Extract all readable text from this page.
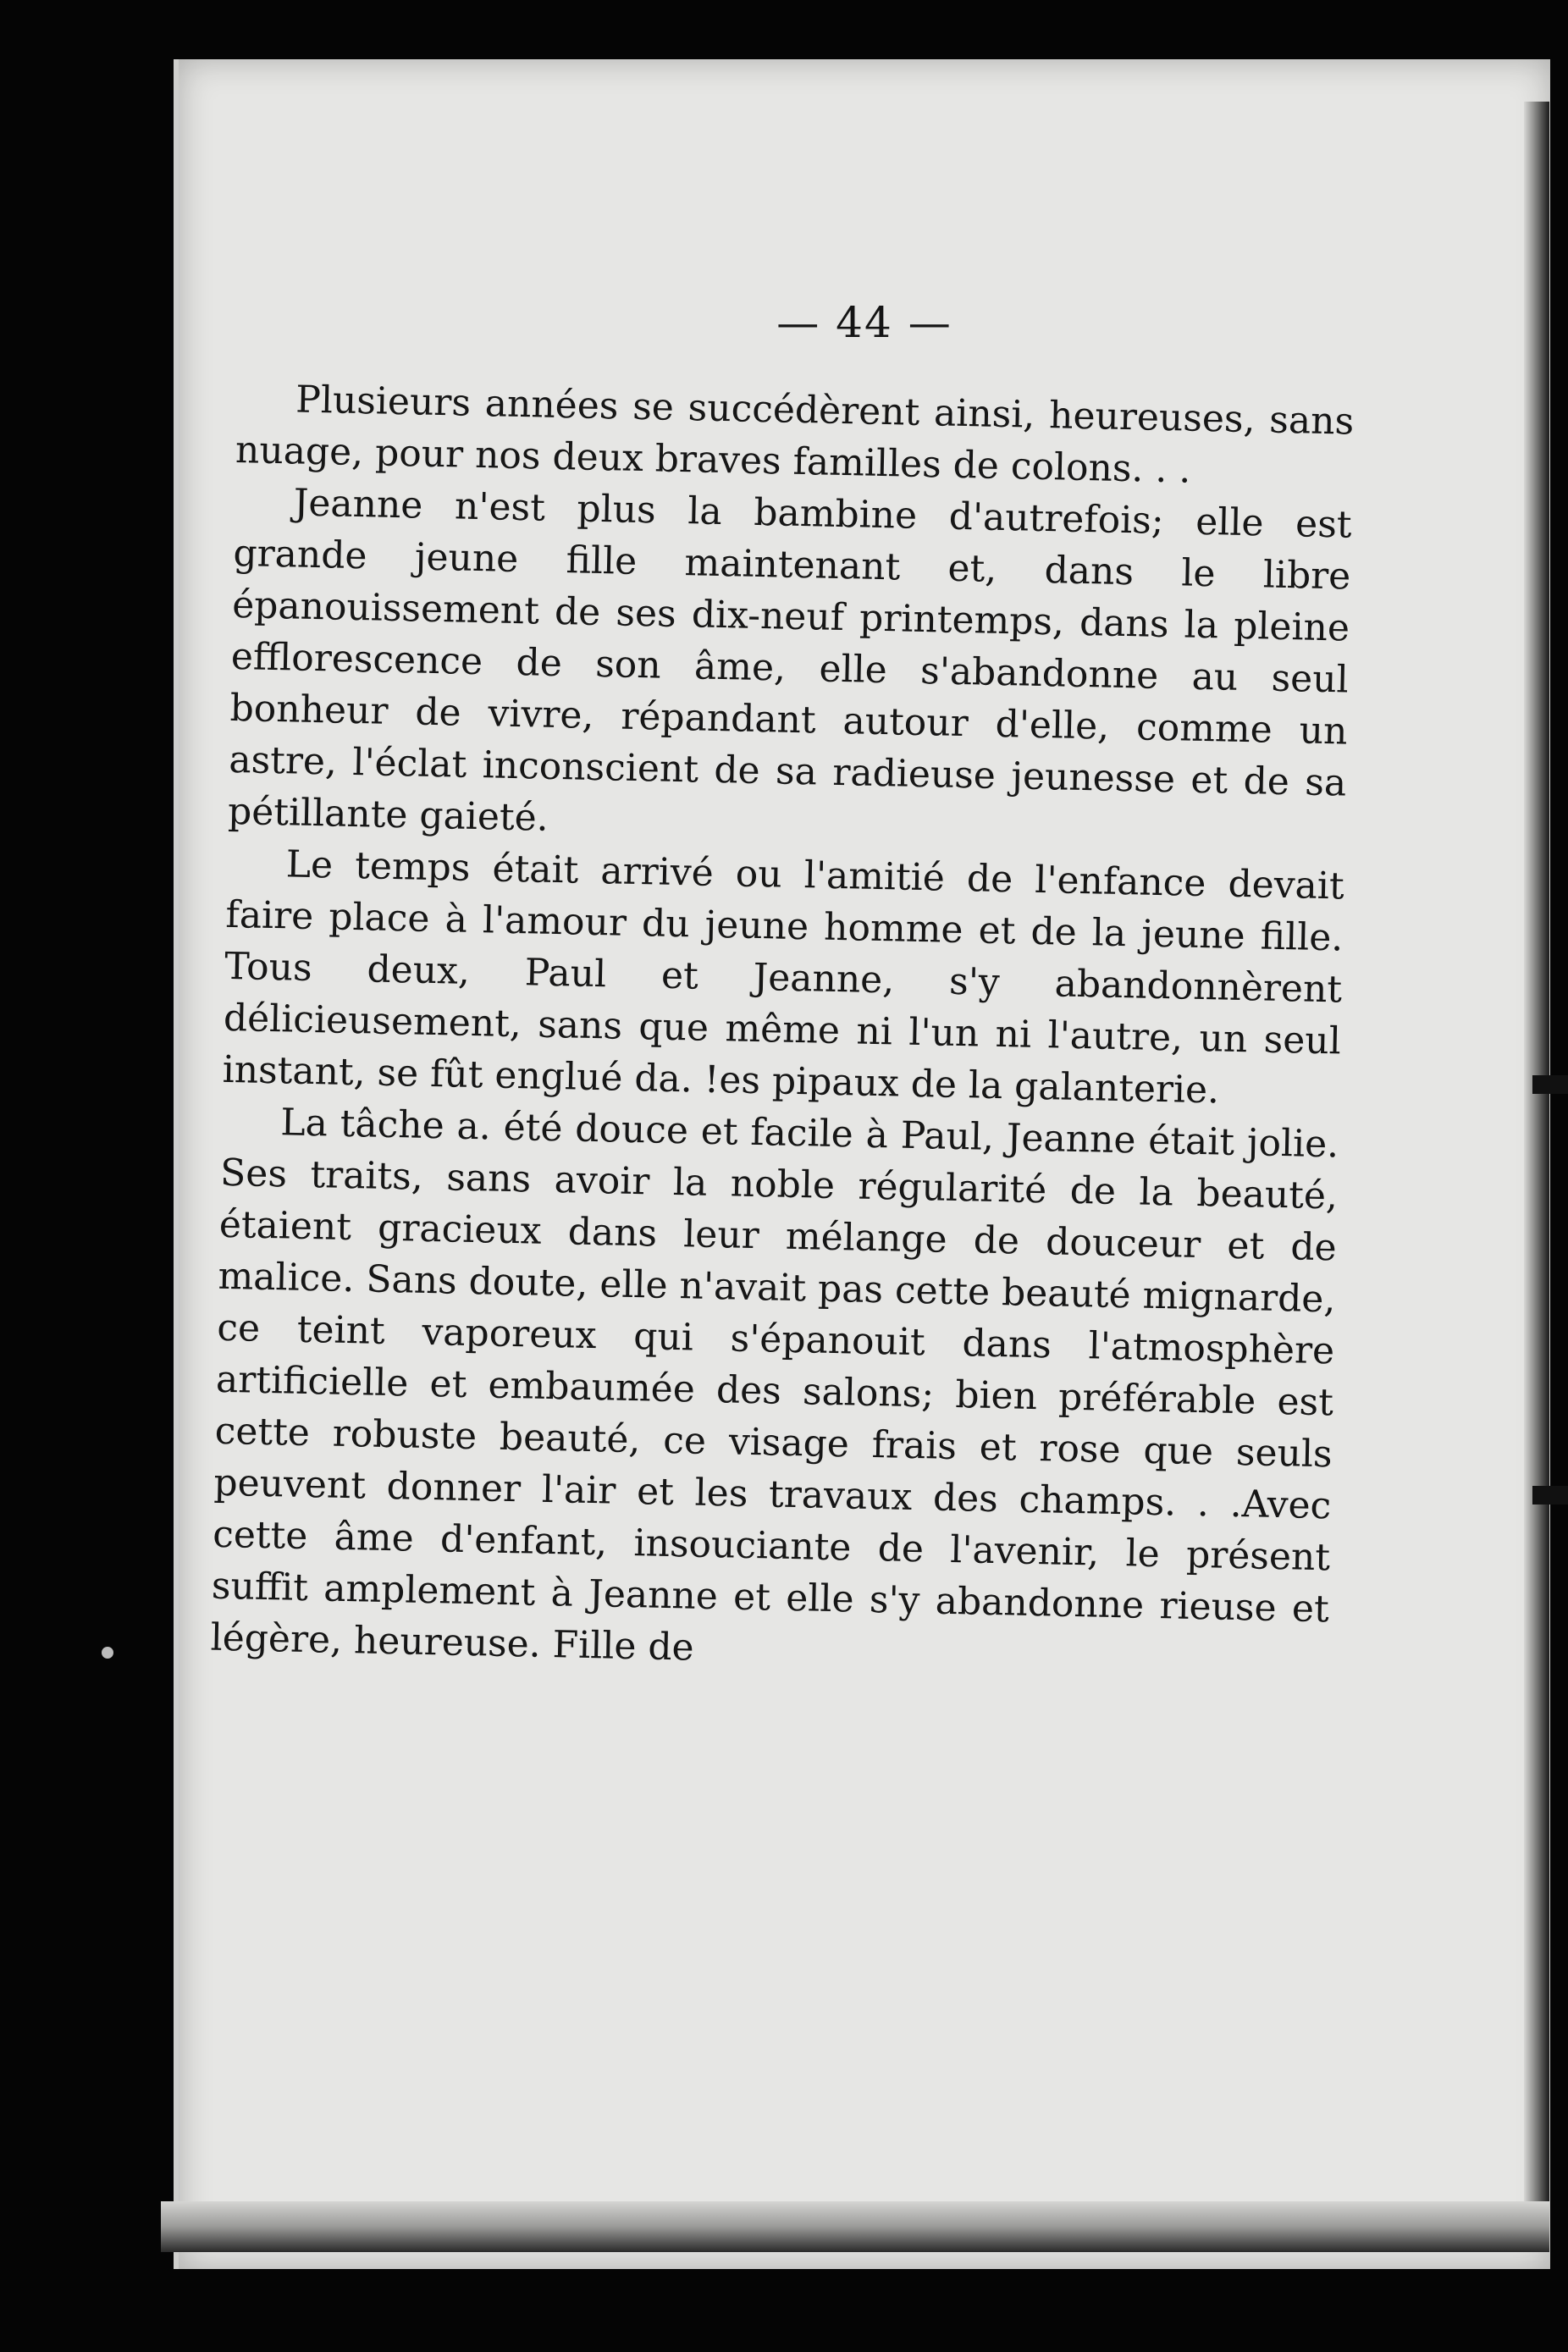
— 44 —

Plusieurs années se succédèrent ainsi, heureuses, sans nuage, pour nos deux braves familles de colons. . .

Jeanne n'est plus la bambine d'autrefois; elle est grande jeune fille maintenant et, dans le libre épanouissement de ses dix-neuf printemps, dans la pleine efflorescence de son âme, elle s'abandonne au seul bonheur de vivre, répandant autour d'elle, comme un astre, l'éclat inconscient de sa radieuse jeunesse et de sa pétillante gaieté.

Le temps était arrivé ou l'amitié de l'enfance devait faire place à l'amour du jeune homme et de la jeune fille. Tous deux, Paul et Jeanne, s'y abandonnèrent délicieusement, sans que même ni l'un ni l'autre, un seul instant, se fût englué da. !es pipaux de la galanterie.

La tâche a. été douce et facile à Paul, Jeanne était jolie. Ses traits, sans avoir la noble régularité de la beauté, étaient gracieux dans leur mélange de douceur et de malice. Sans doute, elle n'avait pas cette beauté mignarde, ce teint vaporeux qui s'épanouit dans l'atmosphère artificielle et embaumée des salons; bien préférable est cette robuste beauté, ce visage frais et rose que seuls peuvent donner l'air et les travaux des champs. . .Avec cette âme d'enfant, insouciante de l'avenir, le présent suffit amplement à Jeanne et elle s'y abandonne rieuse et légère, heureuse. Fille de
